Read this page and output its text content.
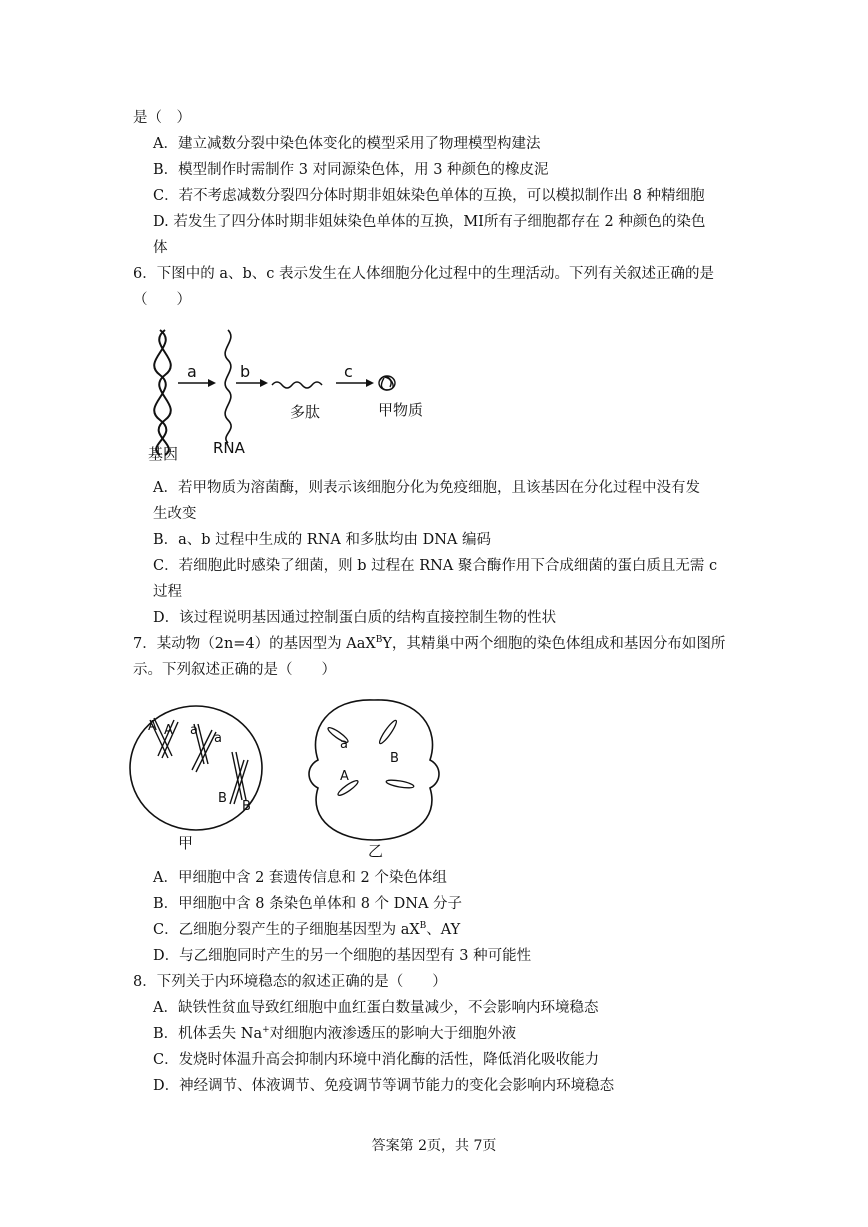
是（　）
A．建立减数分裂中染色体变化的模型采用了物理模型构建法
B．模型制作时需制作 3 对同源染色体，用 3 种颜色的橡皮泥
C．若不考虑减数分裂四分体时期非姐妹染色单体的互换，可以模拟制作出 8 种精细胞
D. 若发生了四分体时期非姐妹染色单体的互换，MⅠ所有子细胞都存在 2 种颜色的染色
体
6．下图中的 a、b、c 表示发生在人体细胞分化过程中的生理活动。下列有关叙述正确的是
（　　）
a	b	c
甲物质
多肽
基因 RNA
A．若甲物质为溶菌酶，则表示该细胞分化为免疫细胞，且该基因在分化过程中没有发
生改变
B．a、b 过程中生成的 RNA 和多肽均由 DNA 编码
C．若细胞此时感染了细菌，则 b 过程在 RNA 聚合酶作用下合成细菌的蛋白质且无需 c
过程
D．该过程说明基因通过控制蛋白质的结构直接控制生物的性状
7．某动物（2n=4）的基因型为 AaX$^B$Y，其精巢中两个细胞的染色体组成和基因分布如图所
示。下列叙述正确的是（　　）
A A a
a
B
B
甲
a
B
A
乙
A．甲细胞中含 2 套遗传信息和 2 个染色体组
B．甲细胞中含 8 条染色单体和 8 个 DNA 分子
C．乙细胞分裂产生的子细胞基因型为 $aX^B$、AY
D．与乙细胞同时产生的另一个细胞的基因型有 3 种可能性
8．下列关于内环境稳态的叙述正确的是（　　）
A．缺铁性贫血导致红细胞中血红蛋白数量减少，不会影响内环境稳态
B．机体丢失 Na+对细胞内液渗透压的影响大于细胞外液
C．发烧时体温升高会抑制内环境中消化酶的活性，降低消化吸收能力
D．神经调节、体液调节、免疫调节等调节能力的变化会影响内环境稳态
答案第 2页，共 7页
